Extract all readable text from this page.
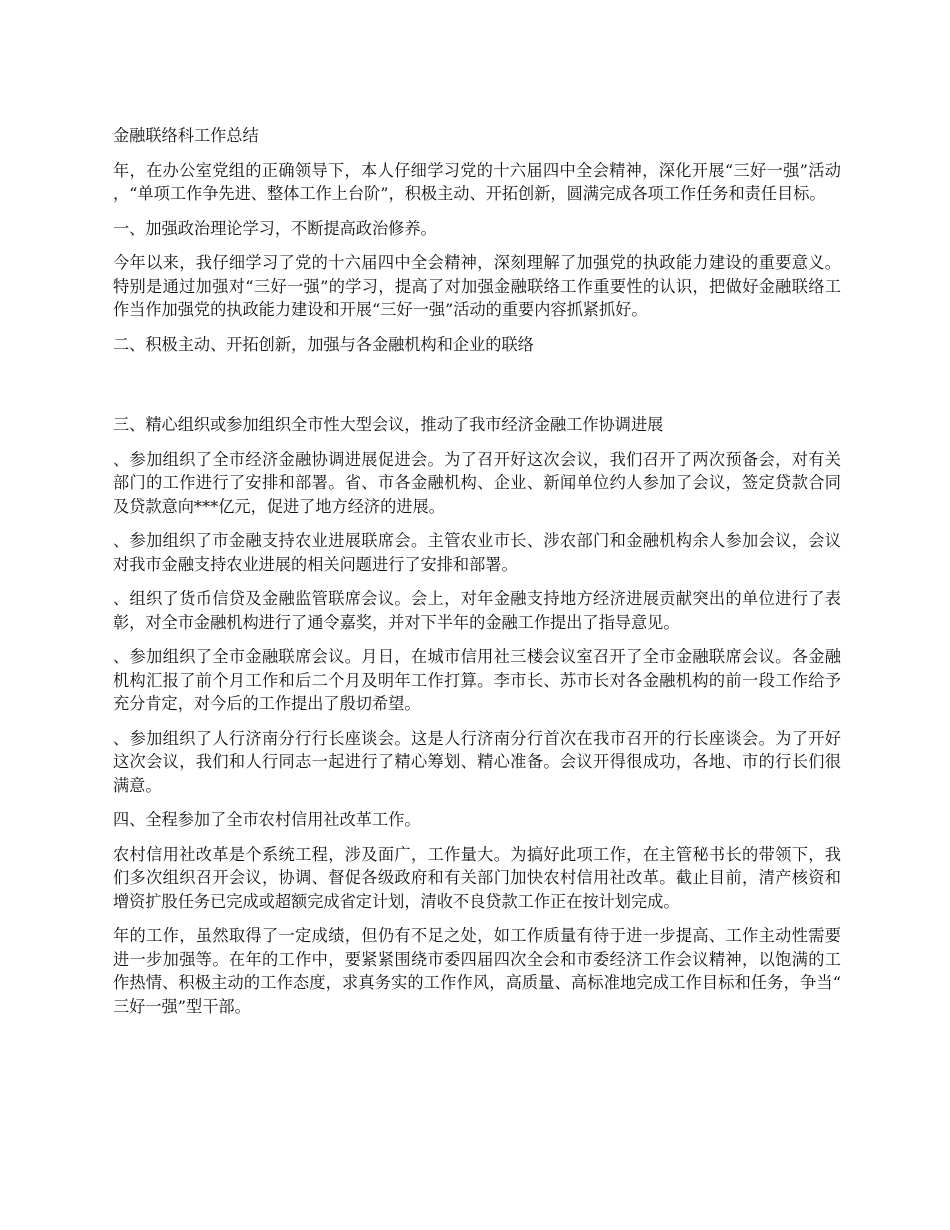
金融联络科工作总结

年，在办公室党组的正确领导下，本人仔细学习党的十六届四中全会精神，深化开展“三好一强”活动，“单项工作争先进、整体工作上台阶”，积极主动、开拓创新，圆满完成各项工作任务和责任目标。

一、加强政治理论学习，不断提高政治修养。

今年以来，我仔细学习了党的十六届四中全会精神，深刻理解了加强党的执政能力建设的重要意义。特别是通过加强对“三好一强”的学习，提高了对加强金融联络工作重要性的认识，把做好金融联络工作当作加强党的执政能力建设和开展“三好一强”活动的重要内容抓紧抓好。

二、积极主动、开拓创新，加强与各金融机构和企业的联络

三、精心组织或参加组织全市性大型会议，推动了我市经济金融工作协调进展

、参加组织了全市经济金融协调进展促进会。为了召开好这次会议，我们召开了两次预备会，对有关部门的工作进行了安排和部署。省、市各金融机构、企业、新闻单位约人参加了会议，签定贷款合同及贷款意向***亿元，促进了地方经济的进展。

、参加组织了市金融支持农业进展联席会。主管农业市长、涉农部门和金融机构余人参加会议，会议对我市金融支持农业进展的相关问题进行了安排和部署。

、组织了货币信贷及金融监管联席会议。会上，对年金融支持地方经济进展贡献突出的单位进行了表彰，对全市金融机构进行了通令嘉奖，并对下半年的金融工作提出了指导意见。

、参加组织了全市金融联席会议。月日，在城市信用社三楼会议室召开了全市金融联席会议。各金融机构汇报了前个月工作和后二个月及明年工作打算。李市长、苏市长对各金融机构的前一段工作给予充分肯定，对今后的工作提出了殷切希望。

、参加组织了人行济南分行行长座谈会。这是人行济南分行首次在我市召开的行长座谈会。为了开好这次会议，我们和人行同志一起进行了精心筹划、精心准备。会议开得很成功，各地、市的行长们很满意。

四、全程参加了全市农村信用社改革工作。

农村信用社改革是个系统工程，涉及面广，工作量大。为搞好此项工作，在主管秘书长的带领下，我们多次组织召开会议，协调、督促各级政府和有关部门加快农村信用社改革。截止目前，清产核资和增资扩股任务已完成或超额完成省定计划，清收不良贷款工作正在按计划完成。

年的工作，虽然取得了一定成绩，但仍有不足之处，如工作质量有待于进一步提高、工作主动性需要进一步加强等。在年的工作中，要紧紧围绕市委四届四次全会和市委经济工作会议精神，以饱满的工作热情、积极主动的工作态度，求真务实的工作作风，高质量、高标准地完成工作目标和任务，争当“三好一强”型干部。
